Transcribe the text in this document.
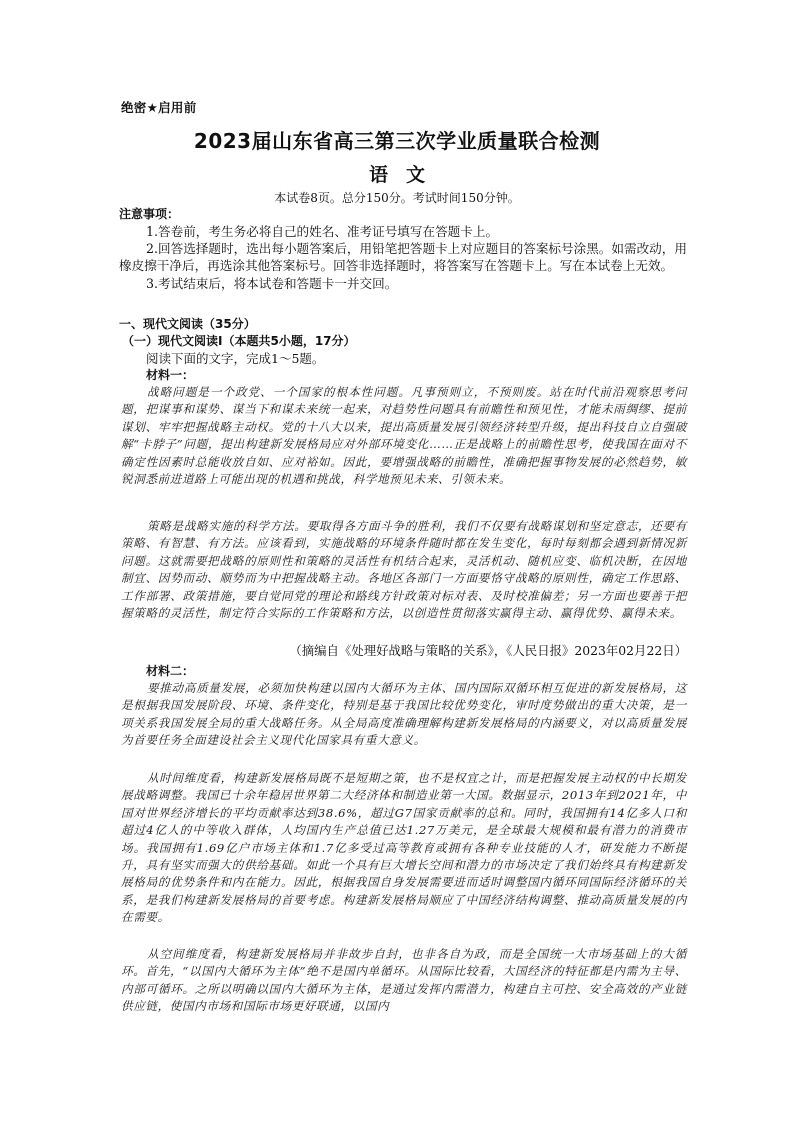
绝密★启用前
2023届山东省高三第三次学业质量联合检测
语文
本试卷8页。总分150分。考试时间150分钟。
注意事项：

1.答卷前，考生务必将自己的姓名、准考证号填写在答题卡上。

2.回答选择题时，选出每小题答案后，用铅笔把答题卡上对应题目的答案标号涂黑。如需改动，用橡皮擦干净后，再选涂其他答案标号。回答非选择题时，将答案写在答题卡上。写在本试卷上无效。

3.考试结束后，将本试卷和答题卡一并交回。

一、现代文阅读（35分）
（一）现代文阅读Ⅰ（本题共5小题，17分）
阅读下面的文字，完成1～5题。
材料一：

战略问题是一个政党、一个国家的根本性问题。凡事预则立，不预则废。站在时代前沿观察思考问题，把谋事和谋势、谋当下和谋未来统一起来，对趋势性问题具有前瞻性和预见性，才能未雨绸缪、提前谋划、牢牢把握战略主动权。党的十八大以来，提出高质量发展引领经济转型升级，提出科技自立自强破解“卡脖子”问题，提出构建新发展格局应对外部环境变化……正是战略上的前瞻性思考，使我国在面对不确定性因素时总能收放自如、应对裕如。因此，要增强战略的前瞻性，准确把握事物发展的必然趋势，敏锐洞悉前进道路上可能出现的机遇和挑战，科学地预见未来、引领未来。

策略是战略实施的科学方法。要取得各方面斗争的胜利，我们不仅要有战略谋划和坚定意志，还要有策略、有智慧、有方法。应该看到，实施战略的环境条件随时都在发生变化，每时每刻都会遇到新情况新问题。这就需要把战略的原则性和策略的灵活性有机结合起来，灵活机动、随机应变、临机决断，在因地制宜、因势而动、顺势而为中把握战略主动。各地区各部门一方面要恪守战略的原则性，确定工作思路、工作部署、政策措施，要自觉同党的理论和路线方针政策对标对表、及时校准偏差；另一方面也要善于把握策略的灵活性，制定符合实际的工作策略和方法，以创造性贯彻落实赢得主动、赢得优势、赢得未来。

（摘编自《处理好战略与策略的关系》，《人民日报》2023年02月22日）
材料二：

要推动高质量发展，必须加快构建以国内大循环为主体、国内国际双循环相互促进的新发展格局，这是根据我国发展阶段、环境、条件变化，特别是基于我国比较优势变化，审时度势做出的重大决策，是一项关系我国发展全局的重大战略任务。从全局高度准确理解构建新发展格局的内涵要义，对以高质量发展为首要任务全面建设社会主义现代化国家具有重大意义。

从时间维度看，构建新发展格局既不是短期之策，也不是权宜之计，而是把握发展主动权的中长期发展战略调整。我国已十余年稳居世界第二大经济体和制造业第一大国。数据显示，2013年到2021年，中国对世界经济增长的平均贡献率达到38.6%，超过G7国家贡献率的总和。同时，我国拥有14亿多人口和超过4亿人的中等收入群体，人均国内生产总值已达1.27万美元，是全球最大规模和最有潜力的消费市场。我国拥有1.69亿户市场主体和1.7亿多受过高等教育或拥有各种专业技能的人才，研发能力不断提升，具有坚实而强大的供给基础。如此一个具有巨大增长空间和潜力的市场决定了我们始终具有构建新发展格局的优势条件和内在能力。因此，根据我国自身发展需要进而适时调整国内循环同国际经济循环的关系，是我们构建新发展格局的首要考虑。构建新发展格局顺应了中国经济结构调整、推动高质量发展的内在需要。

从空间维度看，构建新发展格局并非故步自封，也非各自为政，而是全国统一大市场基础上的大循环。首先，“以国内大循环为主体”绝不是国内单循环。从国际比较看，大国经济的特征都是内需为主导、内部可循环。之所以明确以国内大循环为主体，是通过发挥内需潜力，构建自主可控、安全高效的产业链供应链，使国内市场和国际市场更好联通，以国内
